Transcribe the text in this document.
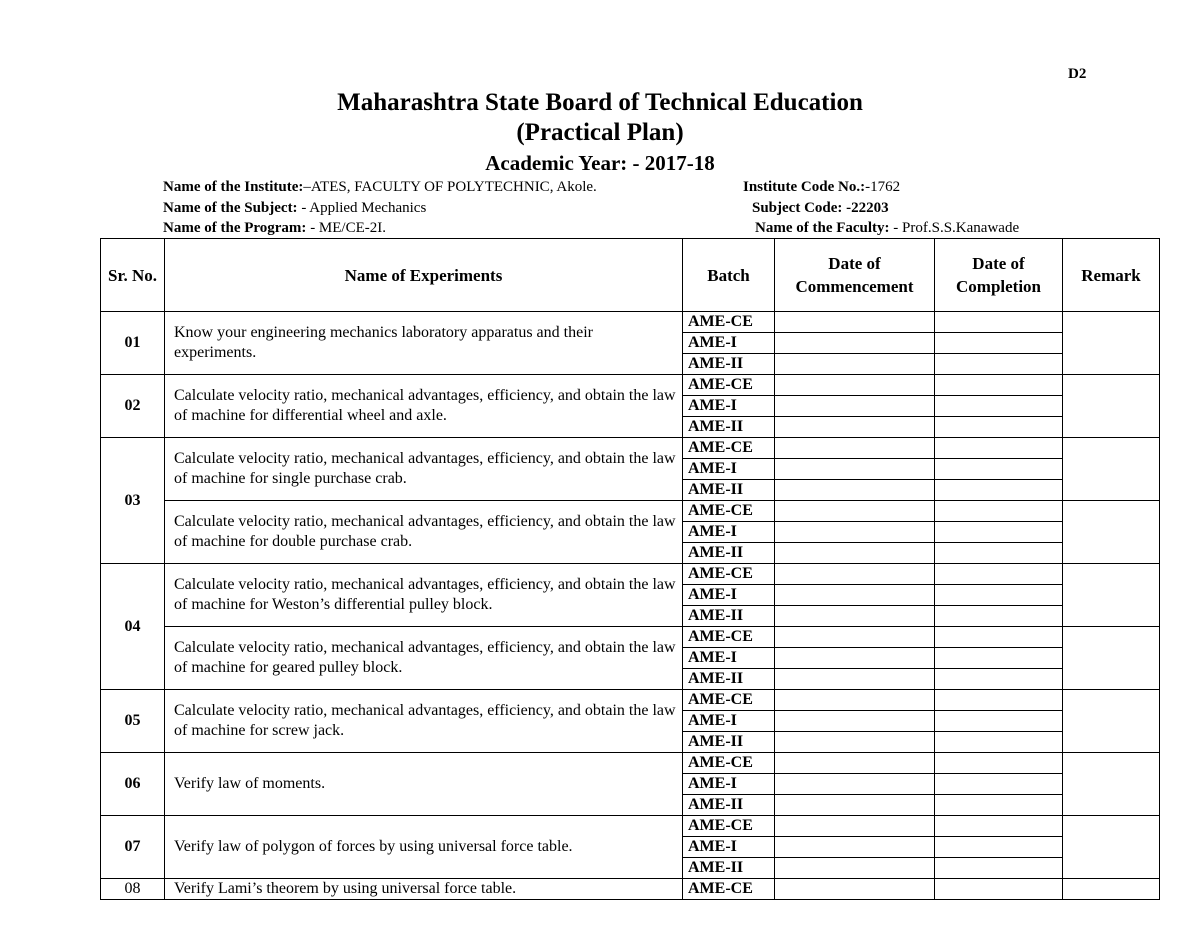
D2
Maharashtra State Board of Technical Education
(Practical Plan)
Academic Year: - 2017-18
Name of the Institute:–ATES, FACULTY OF POLYTECHNIC, Akole.	Institute Code No.:-1762
Name of the Subject: - Applied Mechanics	Subject Code: -22203
Name of the Program: - ME/CE-2I.	Name of the Faculty: - Prof.S.S.Kanawade
Sr. No.	Name of Experiments	Batch	Date of Commencement	Date of Completion	Remark
01	Know your engineering mechanics laboratory apparatus and their experiments.	AME-CE			
		AME-I			
		AME-II			
02	Calculate velocity ratio, mechanical advantages, efficiency, and obtain the law of machine for differential wheel and axle.	AME-CE			
		AME-I			
		AME-II			
03	Calculate velocity ratio, mechanical advantages, efficiency, and obtain the law of machine for single purchase crab.	AME-CE			
		AME-I			
		AME-II			
	Calculate velocity ratio, mechanical advantages, efficiency, and obtain the law of machine for double purchase crab.	AME-CE			
		AME-I			
		AME-II			
04	Calculate velocity ratio, mechanical advantages, efficiency, and obtain the law of machine for Weston’s differential pulley block.	AME-CE			
		AME-I			
		AME-II			
	Calculate velocity ratio, mechanical advantages, efficiency, and obtain the law of machine for geared pulley block.	AME-CE			
		AME-I			
		AME-II			
05	Calculate velocity ratio, mechanical advantages, efficiency, and obtain the law of machine for screw jack.	AME-CE			
		AME-I			
		AME-II			
06	Verify law of moments.	AME-CE			
		AME-I			
		AME-II			
07	Verify law of polygon of forces by using universal force table.	AME-CE			
		AME-I			
		AME-II			
08	Verify Lami’s theorem by using universal force table.	AME-CE			
